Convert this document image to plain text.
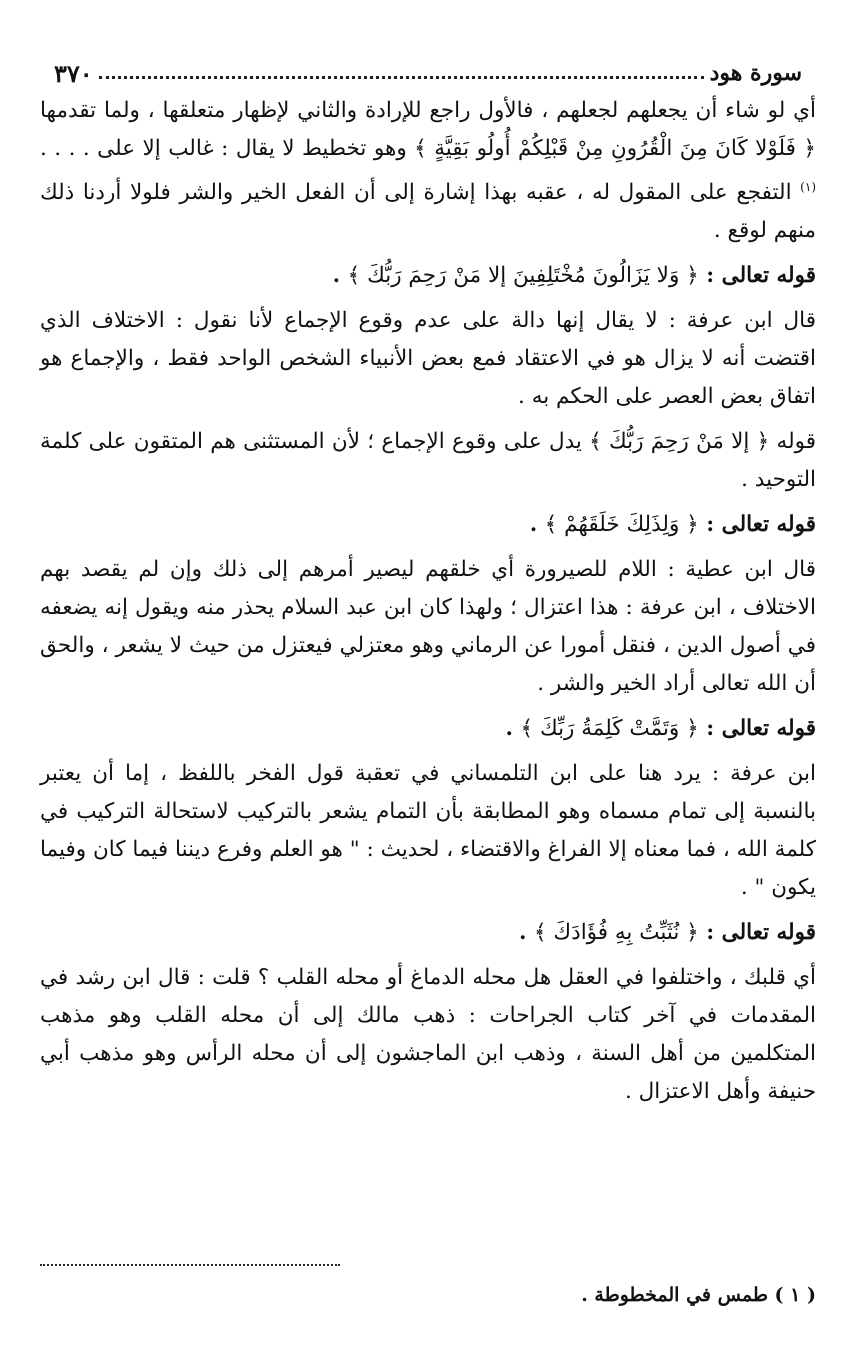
سورة هود
٣٧٠

أي لو شاء أن يجعلهم لجعلهم ، فالأول راجع للإرادة والثاني لإظهار متعلقها ، ولما تقدمها ﴿ فَلَوْلا كَانَ مِنَ الْقُرُونِ مِنْ قَبْلِكُمْ أُولُو بَقِيَّةٍ ﴾ وهو تخطيط لا يقال : غالب إلا على . . . .$^{(١)}$ التفجع على المقول له ، عقبه بهذا إشارة إلى أن الفعل الخير والشر فلولا أردنا ذلك منهم لوقع .

قوله تعالى : ﴿ وَلا يَزَالُونَ مُخْتَلِفِينَ إلا مَنْ رَحِمَ رَبُّكَ ﴾ .

قال ابن عرفة : لا يقال إنها دالة على عدم وقوع الإجماع لأنا نقول : الاختلاف الذي اقتضت أنه لا يزال هو في الاعتقاد فمع بعض الأنبياء الشخص الواحد فقط ، والإجماع هو اتفاق بعض العصر على الحكم به .

قوله ﴿ إلا مَنْ رَحِمَ رَبُّكَ ﴾ يدل على وقوع الإجماع ؛ لأن المستثنى هم المتقون على كلمة التوحيد .

قوله تعالى : ﴿ وَلِذَلِكَ خَلَقَهُمْ ﴾ .

قال ابن عطية : اللام للصيرورة أي خلقهم ليصير أمرهم إلى ذلك وإن لم يقصد بهم الاختلاف ، ابن عرفة : هذا اعتزال ؛ ولهذا كان ابن عبد السلام يحذر منه ويقول إنه يضعفه في أصول الدين ، فنقل أمورا عن الرماني وهو معتزلي فيعتزل من حيث لا يشعر ، والحق أن الله تعالى أراد الخير والشر .

قوله تعالى : ﴿ وَتَمَّتْ كَلِمَةُ رَبِّكَ ﴾ .

ابن عرفة : يرد هنا على ابن التلمساني في تعقبة قول الفخر باللفظ ، إما أن يعتبر بالنسبة إلى تمام مسماه وهو المطابقة بأن التمام يشعر بالتركيب لاستحالة التركيب في كلمة الله ، فما معناه إلا الفراغ والاقتضاء ، لحديث : " هو العلم وفرع ديننا فيما كان وفيما يكون " .

قوله تعالى : ﴿ نُثَبِّتُ بِهِ فُؤَادَكَ ﴾ .

أي قلبك ، واختلفوا في العقل هل محله الدماغ أو محله القلب ؟ قلت : قال ابن رشد في المقدمات في آخر كتاب الجراحات : ذهب مالك إلى أن محله القلب وهو مذهب المتكلمين من أهل السنة ، وذهب ابن الماجشون إلى أن محله الرأس وهو مذهب أبي حنيفة وأهل الاعتزال .

( ١ ) طمس في المخطوطة .
